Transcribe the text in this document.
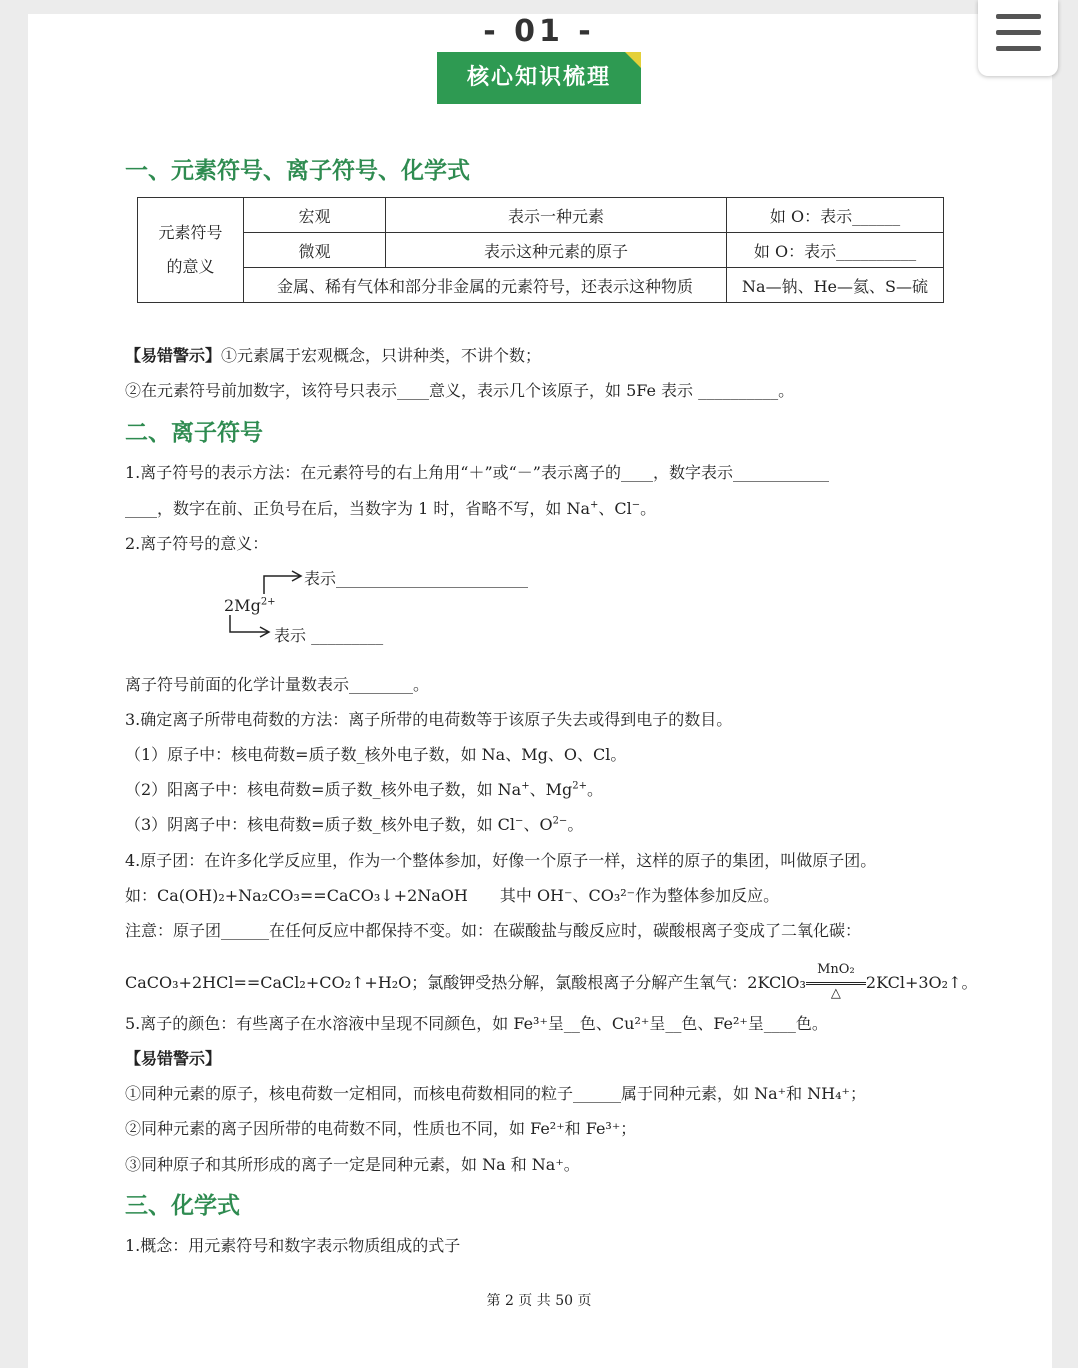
- 01 -
核心知识梳理
一、元素符号、离子符号、化学式
元素符号
的意义	宏观	表示一种元素	如 O：表示______
	微观	表示这种元素的原子	如 O：表示__________
	金属、稀有气体和部分非金属的元素符号，还表示这种物质		Na—钠、He—氦、S—硫
【易错警示】①元素属于宏观概念，只讲种类，不讲个数；
②在元素符号前加数字，该符号只表示____意义，表示几个该原子，如 5Fe 表示 __________。
二、离子符号
1.离子符号的表示方法：在元素符号的右上角用“＋”或“－”表示离子的____，数字表示____________
____，数字在前、正负号在后，当数字为 1 时，省略不写，如 Na+、Cl−。
2.离子符号的意义：
表示________________________
$2Mg^{2+}$
表示 _________
离子符号前面的化学计量数表示________。
3.确定离子所带电荷数的方法：离子所带的电荷数等于该原子失去或得到电子的数目。
（1）原子中：核电荷数=质子数_核外电子数，如 Na、Mg、O、Cl。
（2）阳离子中：核电荷数=质子数_核外电子数，如 Na+、$Mg^{2+}$。
（3）阴离子中：核电荷数=质子数_核外电子数，如 Cl−、$O^{2-}$。
4.原子团：在许多化学反应里，作为一个整体参加，好像一个原子一样，这样的原子的集团，叫做原子团。
如：Ca(OH)₂+Na₂CO₃==CaCO₃↓+2NaOH　　其中 OH⁻、CO₃²⁻作为整体参加反应。
注意：原子团______在任何反应中都保持不变。如：在碳酸盐与酸反应时，碳酸根离子变成了二氧化碳：
CaCO₃+2HCl==CaCl₂+CO₂↑+H₂O；氯酸钾受热分解，氯酸根离子分解产生氧气：2KClO₃
MnO₂
△
2KCl+3O₂↑。
5.离子的颜色：有些离子在水溶液中呈现不同颜色，如 Fe³⁺呈__色、Cu²⁺呈__色、Fe²⁺呈____色。
【易错警示】
①同种元素的原子，核电荷数一定相同，而核电荷数相同的粒子______属于同种元素，如 Na⁺和 NH₄⁺；
②同种元素的离子因所带的电荷数不同，性质也不同，如 Fe²⁺和 Fe³⁺；
③同种原子和其所形成的离子一定是同种元素，如 Na 和 Na⁺。
三、化学式
1.概念：用元素符号和数字表示物质组成的式子
第 2 页 共 50 页
